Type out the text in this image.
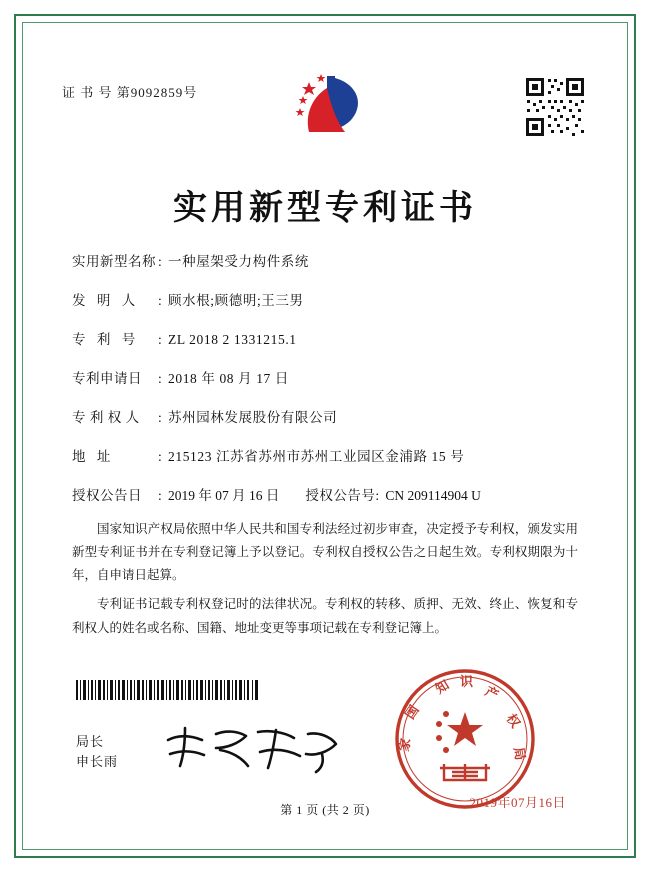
证 书 号 第9092859号
实用新型专利证书
实用新型名称 : 一种屋架受力构件系统
发 明 人	: 顾水根;顾德明;王三男
专 利 号	: ZL 2018 2 1331215.1
专利申请日	: 2018 年 08 月 17 日
专 利 权 人	: 苏州园林发展股份有限公司
地 址	: 215123 江苏省苏州市苏州工业园区金浦路 15 号
授权公告日	: 2019 年 07 月 16 日 授权公告号 : CN 209114904 U

国家知识产权局依照中华人民共和国专利法经过初步审查，决定授予专利权，颁发实用新型专利证书并在专利登记簿上予以登记。专利权自授权公告之日起生效。专利权期限为十年，自申请日起算。

专利证书记载专利权登记时的法律状况。专利权的转移、质押、无效、终止、恢复和专利权人的姓名或名称、国籍、地址变更等事项记载在专利登记簿上。

局长
申长雨
知 识
产
权
局
国
家
2019年07月16日
第 1 页 (共 2 页)
